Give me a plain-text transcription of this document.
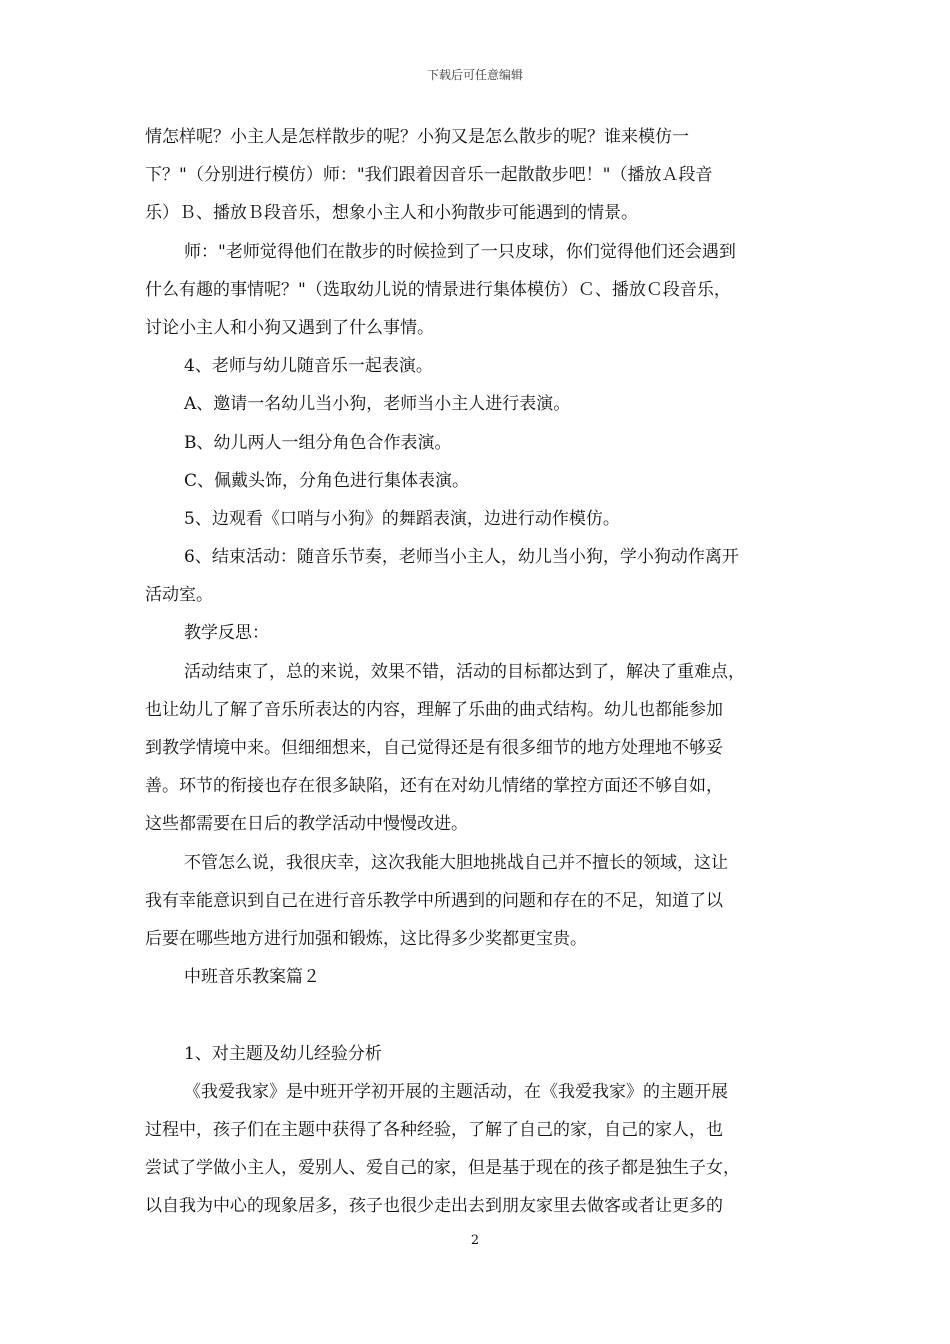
下载后可任意编辑
情怎样呢？小主人是怎样散步的呢？小狗又是怎么散步的呢？谁来模仿一
下？"（分别进行模仿）师："我们跟着因音乐一起散散步吧！"（播放Ａ段音
乐）Ｂ、播放Ｂ段音乐，想象小主人和小狗散步可能遇到的情景。
师："老师觉得他们在散步的时候捡到了一只皮球，你们觉得他们还会遇到
什么有趣的事情呢？"（选取幼儿说的情景进行集体模仿）Ｃ、播放Ｃ段音乐，
讨论小主人和小狗又遇到了什么事情。
4、老师与幼儿随音乐一起表演。
A、邀请一名幼儿当小狗，老师当小主人进行表演。
B、幼儿两人一组分角色合作表演。
C、佩戴头饰，分角色进行集体表演。
5、边观看《口哨与小狗》的舞蹈表演，边进行动作模仿。
6、结束活动：随音乐节奏，老师当小主人，幼儿当小狗，学小狗动作离开
活动室。
教学反思：
活动结束了，总的来说，效果不错，活动的目标都达到了，解决了重难点，
也让幼儿了解了音乐所表达的内容，理解了乐曲的曲式结构。幼儿也都能参加
到教学情境中来。但细细想来，自己觉得还是有很多细节的地方处理地不够妥
善。环节的衔接也存在很多缺陷，还有在对幼儿情绪的掌控方面还不够自如，
这些都需要在日后的教学活动中慢慢改进。
不管怎么说，我很庆幸，这次我能大胆地挑战自己并不擅长的领域，这让
我有幸能意识到自己在进行音乐教学中所遇到的问题和存在的不足，知道了以
后要在哪些地方进行加强和锻炼，这比得多少奖都更宝贵。
中班音乐教案篇２
1、对主题及幼儿经验分析
《我爱我家》是中班开学初开展的主题活动，在《我爱我家》的主题开展
过程中，孩子们在主题中获得了各种经验，了解了自己的家，自己的家人，也
尝试了学做小主人，爱别人、爱自己的家，但是基于现在的孩子都是独生子女，
以自我为中心的现象居多，孩子也很少走出去到朋友家里去做客或者让更多的
2
